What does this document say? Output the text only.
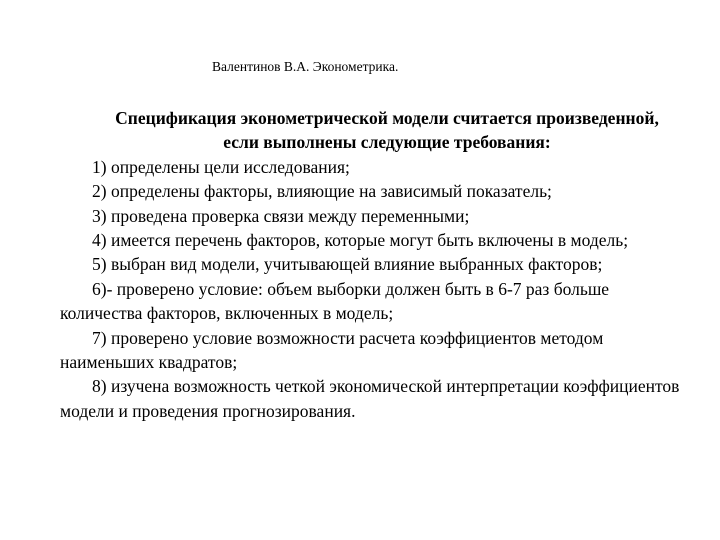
Валентинов В.А. Эконометрика.

Спецификация эконометрической модели считается произведенной, если выполнены следующие требования:

1) определены цели исследования;

2) определены факторы, влияющие на зависимый показатель;

3) проведена проверка связи между переменными;

4) имеется перечень факторов, которые могут быть включены в модель;

5) выбран вид модели, учитывающей влияние выбранных факторов;

6)- проверено условие: объем выборки должен быть в 6-7 раз больше количества факторов, включенных в модель;

7) проверено условие возможности расчета коэффициентов методом наименьших квадратов;

8) изучена возможность четкой экономической интерпретации коэффициентов модели и проведения прогнозирования.
